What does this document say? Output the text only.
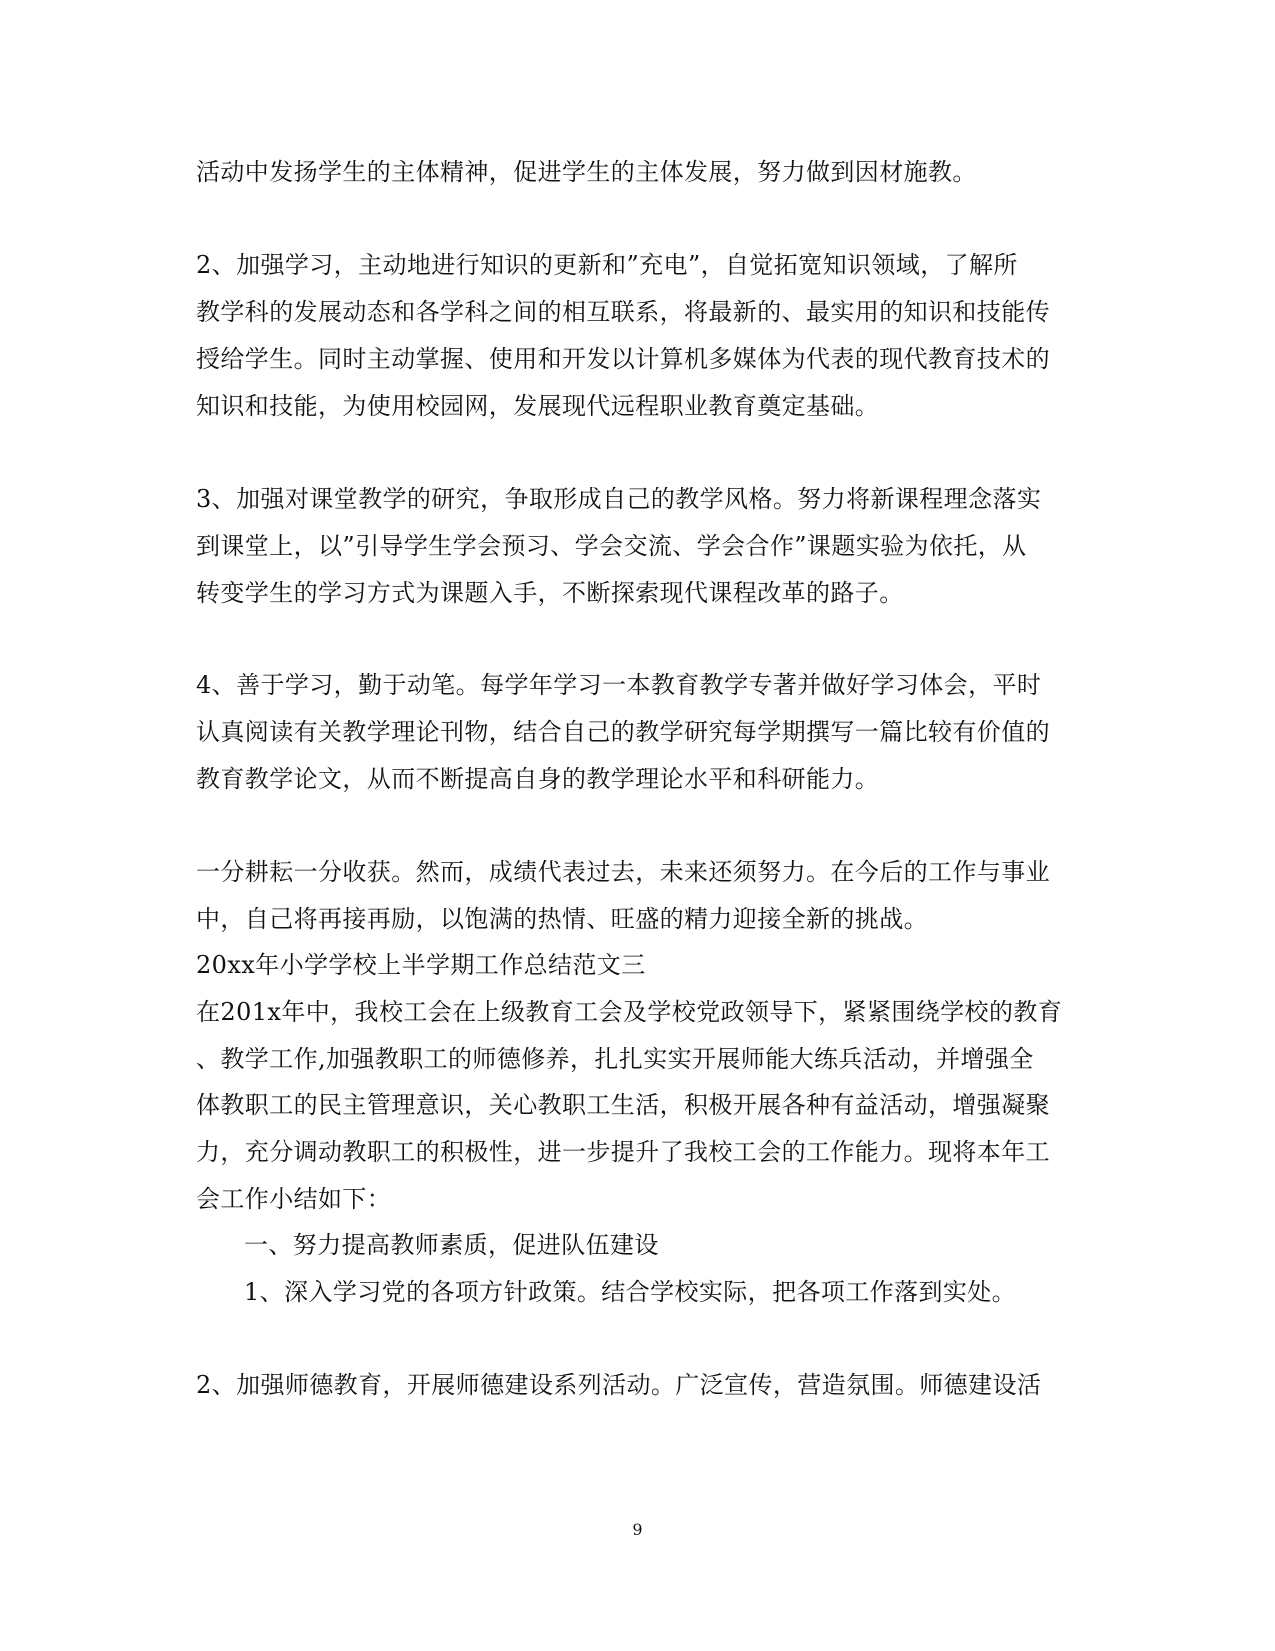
活动中发扬学生的主体精神，促进学生的主体发展，努力做到因材施教。
2、加强学习，主动地进行知识的更新和”充电”，自觉拓宽知识领域，了解所
教学科的发展动态和各学科之间的相互联系，将最新的、最实用的知识和技能传
授给学生。同时主动掌握、使用和开发以计算机多媒体为代表的现代教育技术的
知识和技能，为使用校园网，发展现代远程职业教育奠定基础。
3、加强对课堂教学的研究，争取形成自己的教学风格。努力将新课程理念落实
到课堂上，以”引导学生学会预习、学会交流、学会合作”课题实验为依托，从
转变学生的学习方式为课题入手，不断探索现代课程改革的路子。
4、善于学习，勤于动笔。每学年学习一本教育教学专著并做好学习体会，平时
认真阅读有关教学理论刊物，结合自己的教学研究每学期撰写一篇比较有价值的
教育教学论文，从而不断提高自身的教学理论水平和科研能力。
一分耕耘一分收获。然而，成绩代表过去，未来还须努力。在今后的工作与事业
中，自己将再接再励，以饱满的热情、旺盛的精力迎接全新的挑战。
20xx年小学学校上半学期工作总结范文三
在201x年中，我校工会在上级教育工会及学校党政领导下，紧紧围绕学校的教育
、教学工作,加强教职工的师德修养，扎扎实实开展师能大练兵活动，并增强全
体教职工的民主管理意识，关心教职工生活，积极开展各种有益活动，增强凝聚
力，充分调动教职工的积极性，进一步提升了我校工会的工作能力。现将本年工
会工作小结如下：
一、努力提高教师素质，促进队伍建设
1、深入学习党的各项方针政策。结合学校实际，把各项工作落到实处。
2、加强师德教育，开展师德建设系列活动。广泛宣传，营造氛围。师德建设活
9
